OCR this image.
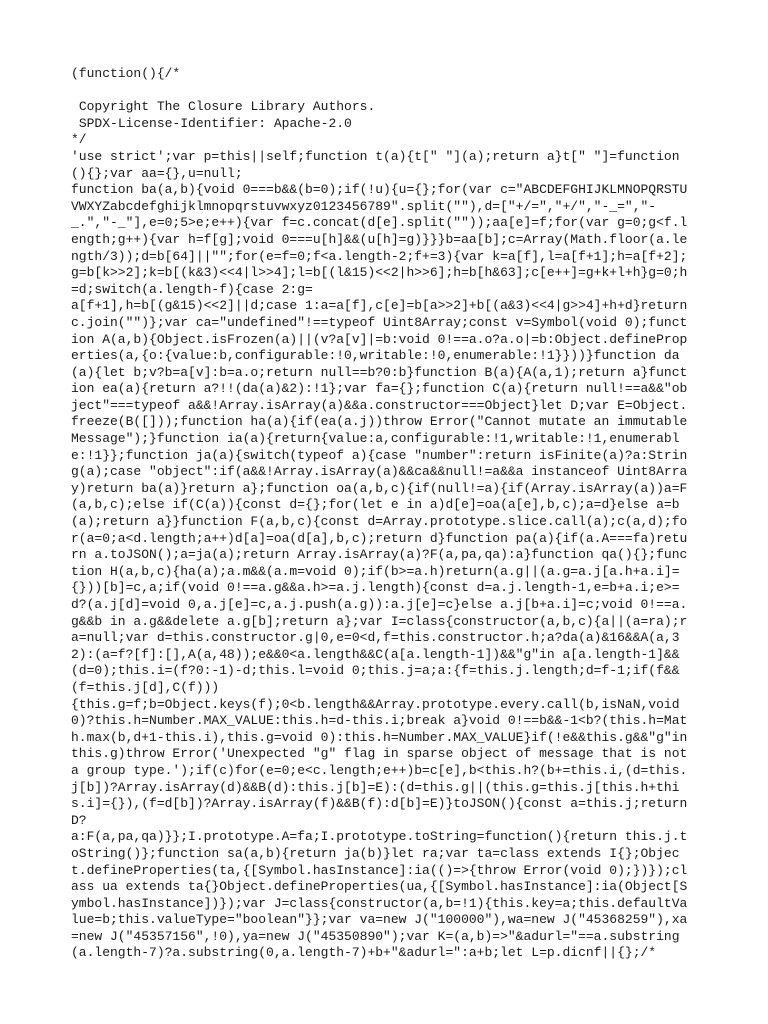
(function(){/*

Copyright The Closure Library Authors.
SPDX-License-Identifier: Apache-2.0
*/
'use strict';var p=this||self;function t(a){t[" "](a);return a}t[" "]=function(){};var aa={},u=null;
function ba(a,b){void 0===b&&(b=0);if(!u){u={};for(var c="ABCDEFGHIJKLMNOPQRSTUVWXYZabcdefghijklmnopqrstuvwxyz0123456789".split(""),d=["+/=","+/","-_=","-_.","-_"],e=0;5>e;e++){var f=c.concat(d[e].split(""));aa[e]=f;for(var g=0;g<f.length;g++){var h=f[g];void 0===u[h]&&(u[h]=g)}}}b=aa[b];c=Array(Math.floor(a.length/3));d=b[64]||"";for(e=f=0;f<a.length-2;f+=3){var k=a[f],l=a[f+1];h=a[f+2];g=b[k>>2];k=b[(k&3)<<4|l>>4];l=b[(l&15)<<2|h>>6];h=b[h&63];c[e++]=g+k+l+h}g=0;h=d;switch(a.length-f){case 2:g=
a[f+1],h=b[(g&15)<<2]||d;case 1:a=a[f],c[e]=b[a>>2]+b[(a&3)<<4|g>>4]+h+d}return c.join("")};var ca="undefined"!==typeof Uint8Array;const v=Symbol(void 0);function A(a,b){Object.isFrozen(a)||(v?a[v]|=b:void 0!==a.o?a.o|=b:Object.defineProperties(a,{o:{value:b,configurable:!0,writable:!0,enumerable:!1}}))}function da(a){let b;v?b=a[v]:b=a.o;return null==b?0:b}function B(a){A(a,1);return a}function ea(a){return a?!!(da(a)&2):!1};var fa={};function C(a){return null!==a&&"object"===typeof a&&!Array.isArray(a)&&a.constructor===Object}let D;var E=Object.freeze(B([]));function ha(a){if(ea(a.j))throw Error("Cannot mutate an immutable Message");}function ia(a){return{value:a,configurable:!1,writable:!1,enumerable:!1}};function ja(a){switch(typeof a){case "number":return isFinite(a)?a:String(a);case "object":if(a&&!Array.isArray(a)&&ca&&null!=a&&a instanceof Uint8Array)return ba(a)}return a};function oa(a,b,c){if(null!=a){if(Array.isArray(a))a=F(a,b,c);else if(C(a)){const d={};for(let e in a)d[e]=oa(a[e],b,c);a=d}else a=b(a);return a}}function F(a,b,c){const d=Array.prototype.slice.call(a);c(a,d);for(a=0;a<d.length;a++)d[a]=oa(d[a],b,c);return d}function pa(a){if(a.A===fa)return a.toJSON();a=ja(a);return Array.isArray(a)?F(a,pa,qa):a}function qa(){};function H(a,b,c){ha(a);a.m&&(a.m=void 0);if(b>=a.h)return(a.g||(a.g=a.j[a.h+a.i]={}))[b]=c,a;if(void 0!==a.g&&a.h>=a.j.length){const d=a.j.length-1,e=b+a.i;e>=d?(a.j[d]=void 0,a.j[e]=c,a.j.push(a.g)):a.j[e]=c}else a.j[b+a.i]=c;void 0!==a.g&&b in a.g&&delete a.g[b];return a};var I=class{constructor(a,b,c){a||(a=ra);ra=null;var d=this.constructor.g|0,e=0<d,f=this.constructor.h;a?da(a)&16&&A(a,32):(a=f?[f]:[],A(a,48));e&&0<a.length&&C(a[a.length-1])&&"g"in a[a.length-1]&&(d=0);this.i=(f?0:-1)-d;this.l=void 0;this.j=a;a:{f=this.j.length;d=f-1;if(f&&(f=this.j[d],C(f)))
{this.g=f;b=Object.keys(f);0<b.length&&Array.prototype.every.call(b,isNaN,void 0)?this.h=Number.MAX_VALUE:this.h=d-this.i;break a}void 0!==b&&-1<b?(this.h=Math.max(b,d+1-this.i),this.g=void 0):this.h=Number.MAX_VALUE}if(!e&&this.g&&"g"in this.g)throw Error('Unexpected "g" flag in sparse object of message that is not a group type.');if(c)for(e=0;e<c.length;e++)b=c[e],b<this.h?(b+=this.i,(d=this.j[b])?Array.isArray(d)&&B(d):this.j[b]=E):(d=this.g||(this.g=this.j[this.h+this.i]={}),(f=d[b])?Array.isArray(f)&&B(f):d[b]=E)}toJSON(){const a=this.j;return D?
a:F(a,pa,qa)}};I.prototype.A=fa;I.prototype.toString=function(){return this.j.toString()};function sa(a,b){return ja(b)}let ra;var ta=class extends I{};Object.defineProperties(ta,{[Symbol.hasInstance]:ia(()=>{throw Error(void 0);})});class ua extends ta{}Object.defineProperties(ua,{[Symbol.hasInstance]:ia(Object[Symbol.hasInstance])});var J=class{constructor(a,b=!1){this.key=a;this.defaultValue=b;this.valueType="boolean"}};var va=new J("100000"),wa=new J("45368259"),xa=new J("45357156",!0),ya=new J("45350890");var K=(a,b)=>"&adurl="==a.substring(a.length-7)?a.substring(0,a.length-7)+b+"&adurl=":a+b;let L=p.dicnf||{};/*
